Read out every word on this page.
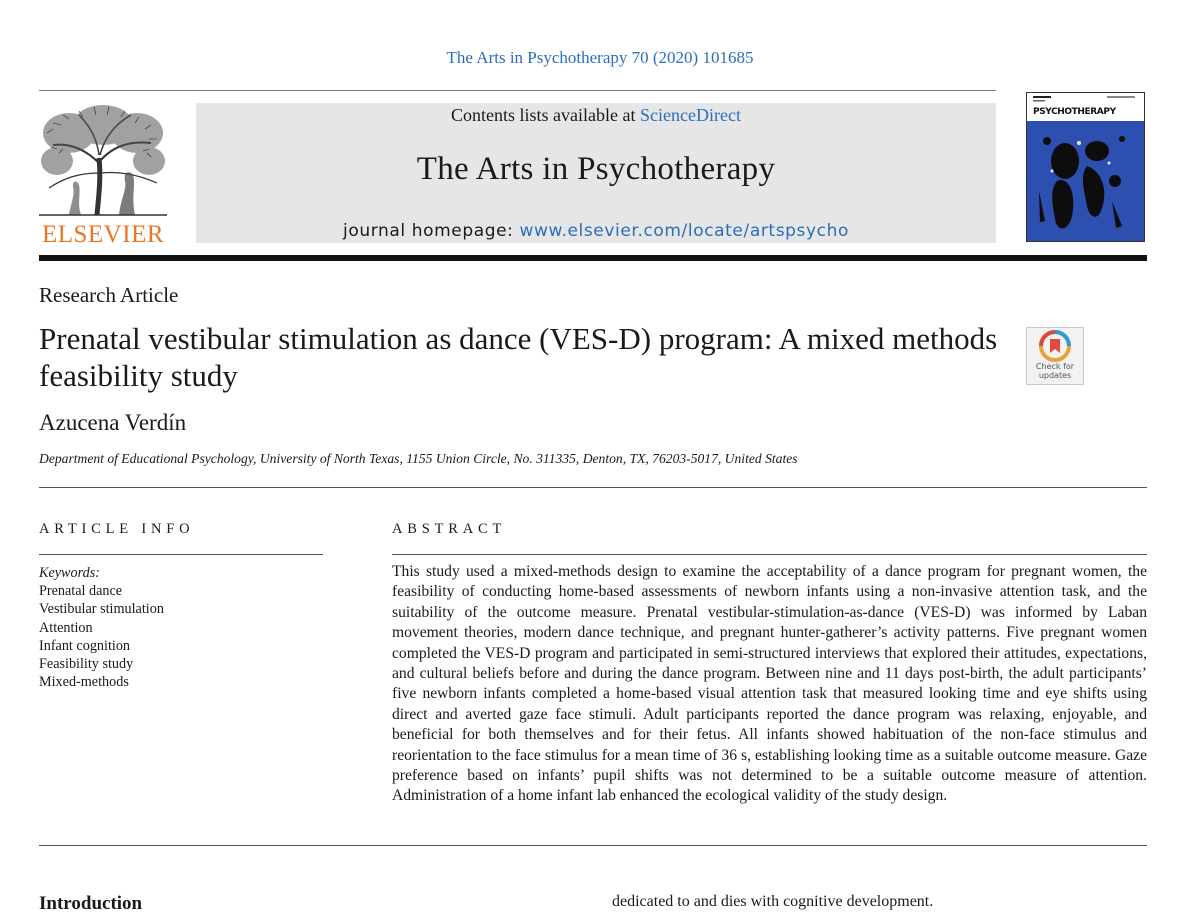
The Arts in Psychotherapy 70 (2020) 101685
ELSEVIER
Contents lists available at ScienceDirect
The Arts in Psychotherapy
journal homepage: www.elsevier.com/locate/artspsycho
PSYCHOTHERAPY
Research Article
Prenatal vestibular stimulation as dance (VES-D) program: A mixed methods feasibility study	Check for
updates
Azucena Verdín
Department of Educational Psychology, University of North Texas, 1155 Union Circle, No. 311335, Denton, TX, 76203-5017, United States
ARTICLE INFO	ABSTRACT
Keywords:
Prenatal dance
Vestibular stimulation
Attention
Infant cognition
Feasibility study
Mixed-methods
This study used a mixed-methods design to examine the acceptability of a dance program for pregnant women, the feasibility of conducting home-based assessments of newborn infants using a non-invasive attention task, and the suitability of the outcome measure. Prenatal vestibular-stimulation-as-dance (VES-D) was informed by Laban movement theories, modern dance technique, and pregnant hunter-gatherer’s activity patterns. Five pregnant women completed the VES-D program and participated in semi-structured interviews that explored their attitudes, expectations, and cultural beliefs before and during the dance program. Between nine and 11 days post-birth, the adult participants’ five newborn infants completed a home-based visual attention task that measured looking time and eye shifts using direct and averted gaze face stimuli. Adult participants reported the dance program was relaxing, enjoyable, and beneficial for both themselves and for their fetus. All infants showed habituation of the non-face stimulus and reorientation to the face stimulus for a mean time of 36 s, establishing looking time as a suitable outcome measure. Gaze preference based on infants’ pupil shifts was not determined to be a suitable outcome measure of attention. Administration of a home infant lab enhanced the ecological validity of the study design.
Introduction	dedicated to and dies with cognitive development.
